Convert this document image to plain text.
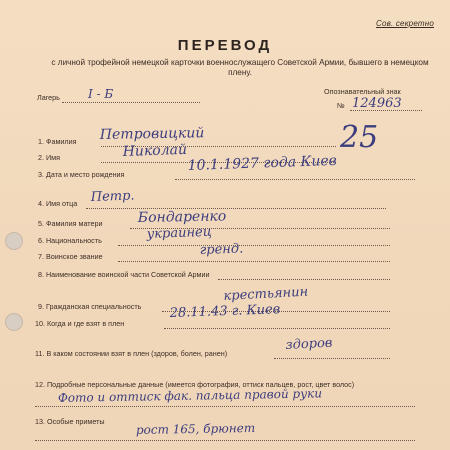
Сов. секретно
ПЕРЕВОД
с личной трофейной немецкой карточки военнослужащего Советской Армии, бывшего в немецком плену.
Лагерь I - Б	Опознавательный знак
№ 124963
25
1. Фамилия Петровицкий
2. Имя	Николай
3. Дата и место рождения
10.1.1927 года Киев
4. Имя отца Петр.
5. Фамилия матери	Бондаренко
6. Национальность	украинец
7. Воинское звание	гренд.
8. Наименование воинской части Советской Армии
9. Гражданская специальность
крестьянин
10. Когда и где взят в плен
28.11.43 г. Киев
11. В каком состоянии взят в плен (здоров, болен, ранен)
здоров
12. Подробные персональные данные (имеется фотография, оттиск пальцев, рост, цвет волос)
Фото и оттиск фак. пальца правой руки
13. Особые приметы	рост 165, брюнет
